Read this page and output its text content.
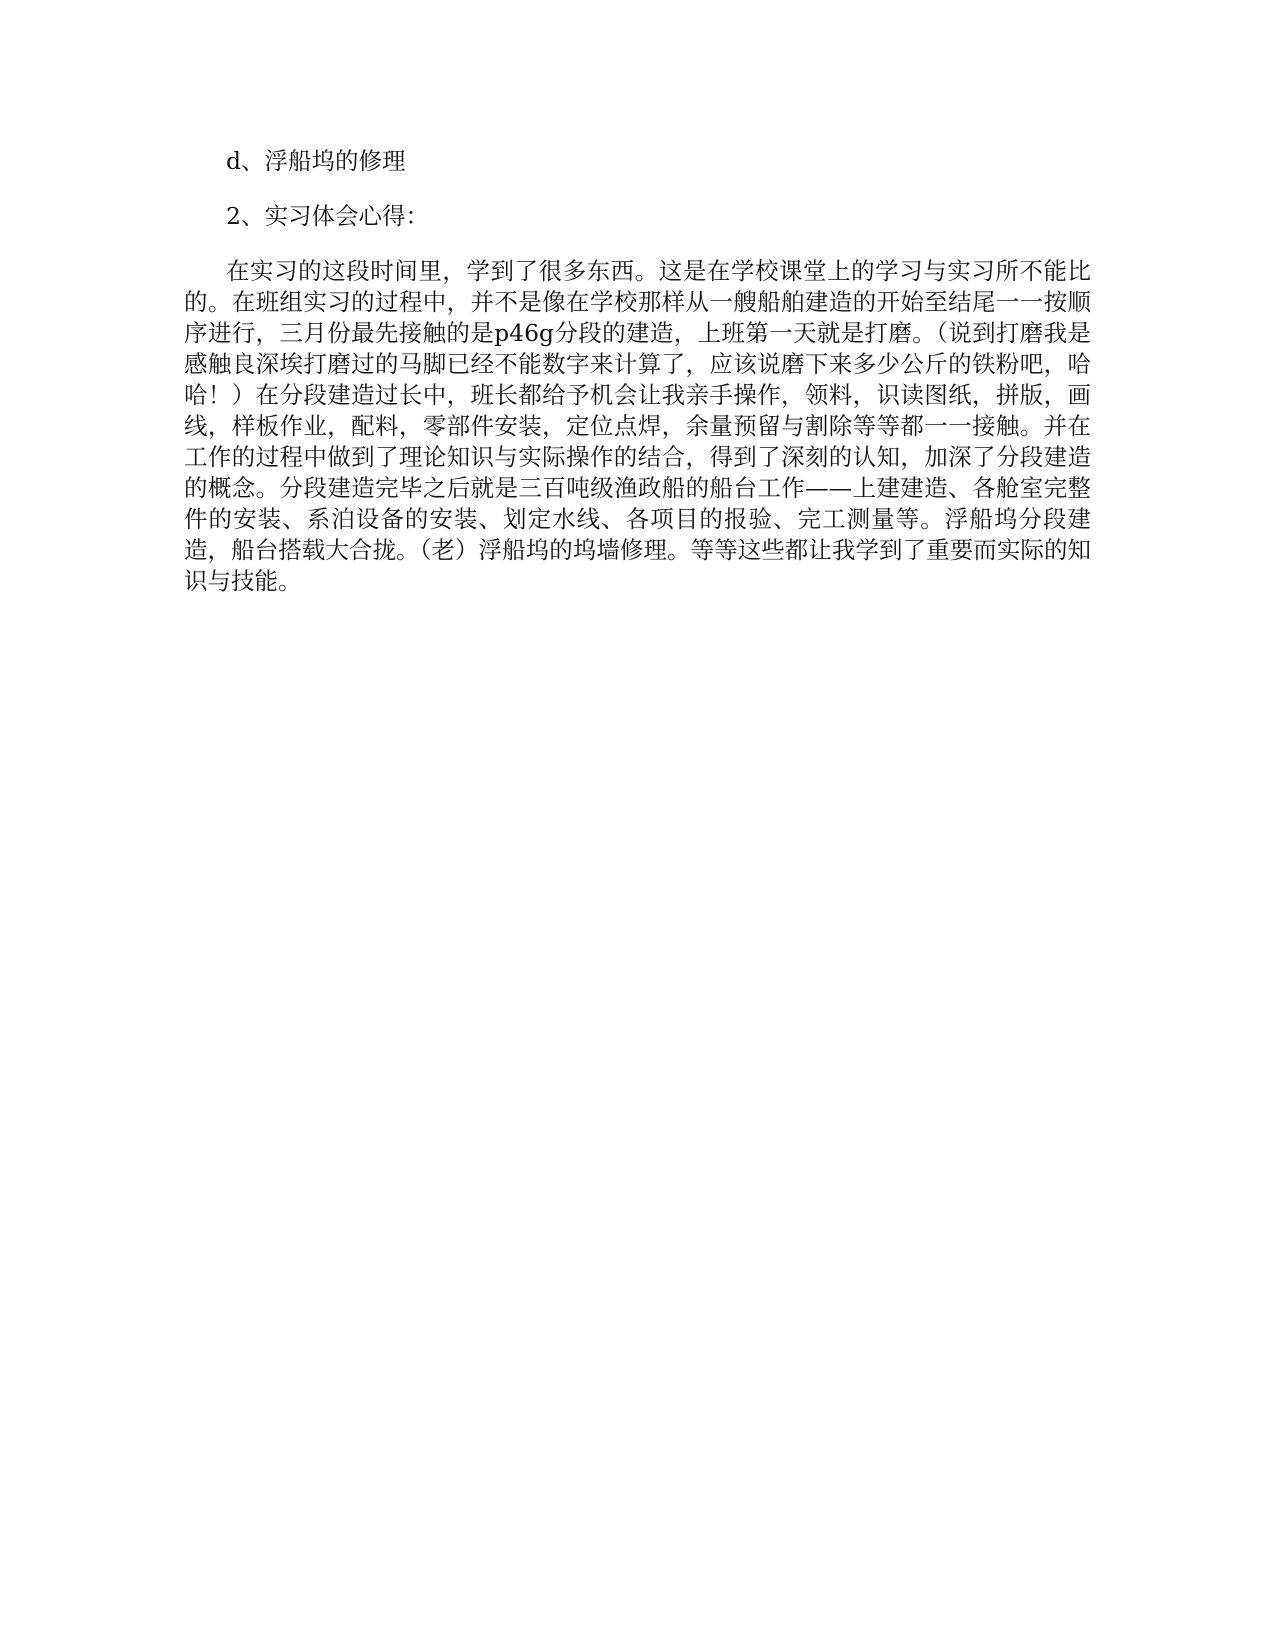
d、浮船坞的修理

2、实习体会心得：

在实习的这段时间里，学到了很多东西。这是在学校课堂上的学习与实习所不能比的。在班组实习的过程中，并不是像在学校那样从一艘船舶建造的开始至结尾一一按顺序进行，三月份最先接触的是p46g分段的建造，上班第一天就是打磨。（说到打磨我是感触良深埃打磨过的马脚已经不能数字来计算了，应该说磨下来多少公斤的铁粉吧，哈哈！）在分段建造过长中，班长都给予机会让我亲手操作，领料，识读图纸，拼版，画线，样板作业，配料，零部件安装，定位点焊，余量预留与割除等等都一一接触。并在工作的过程中做到了理论知识与实际操作的结合，得到了深刻的认知，加深了分段建造的概念。分段建造完毕之后就是三百吨级渔政船的船台工作——上建建造、各舱室完整件的安装、系泊设备的安装、划定水线、各项目的报验、完工测量等。浮船坞分段建造，船台搭载大合拢。（老）浮船坞的坞墙修理。等等这些都让我学到了重要而实际的知识与技能。
